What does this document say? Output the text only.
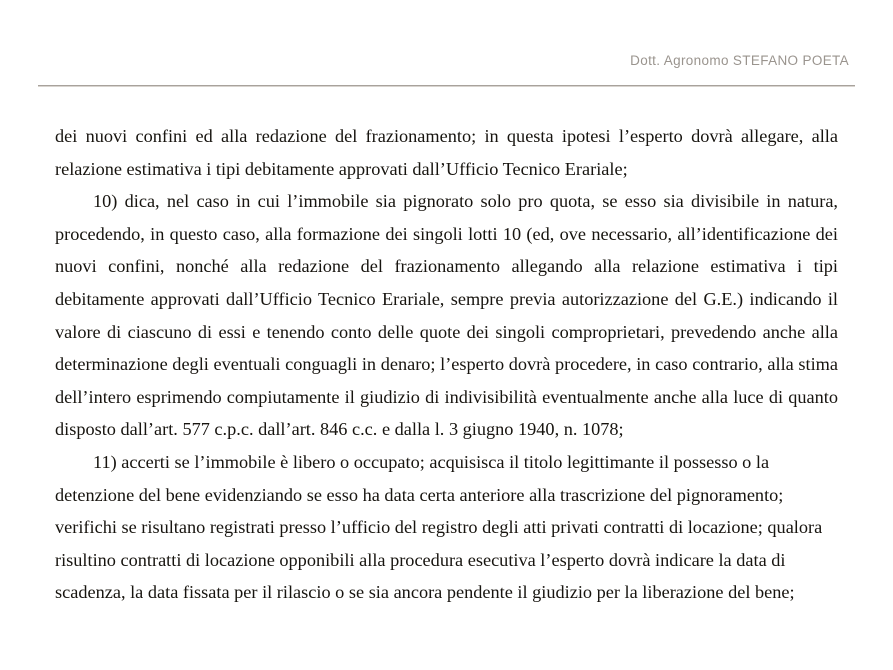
Dott. Agronomo STEFANO POETA

dei nuovi confini ed alla redazione del frazionamento; in questa ipotesi l’esperto dovrà allegare, alla relazione estimativa i tipi debitamente approvati dall’Ufficio Tecnico Erariale;

10) dica, nel caso in cui l’immobile sia pignorato solo pro quota, se esso sia divisibile in natura, procedendo, in questo caso, alla formazione dei singoli lotti 10 (ed, ove necessario, all’identificazione dei nuovi confini, nonché alla redazione del frazionamento allegando alla relazione estimativa i tipi debitamente approvati dall’Ufficio Tecnico Erariale, sempre previa autorizzazione del G.E.) indicando il valore di ciascuno di essi e tenendo conto delle quote dei singoli comproprietari, prevedendo anche alla determinazione degli eventuali conguagli in denaro; l’esperto dovrà procedere, in caso contrario, alla stima dell’intero esprimendo compiutamente il giudizio di indivisibilità eventualmente anche alla luce di quanto disposto dall’art. 577 c.p.c. dall’art. 846 c.c. e dalla l. 3 giugno 1940, n. 1078;

11) accerti se l’immobile è libero o occupato; acquisisca il titolo legittimante il possesso o la detenzione del bene evidenziando se esso ha data certa anteriore alla trascrizione del pignoramento; verifichi se risultano registrati presso l’ufficio del registro degli atti privati contratti di locazione; qualora risultino contratti di locazione opponibili alla procedura esecutiva l’esperto dovrà indicare la data di scadenza, la data fissata per il rilascio o se sia ancora pendente il giudizio per la liberazione del bene;
